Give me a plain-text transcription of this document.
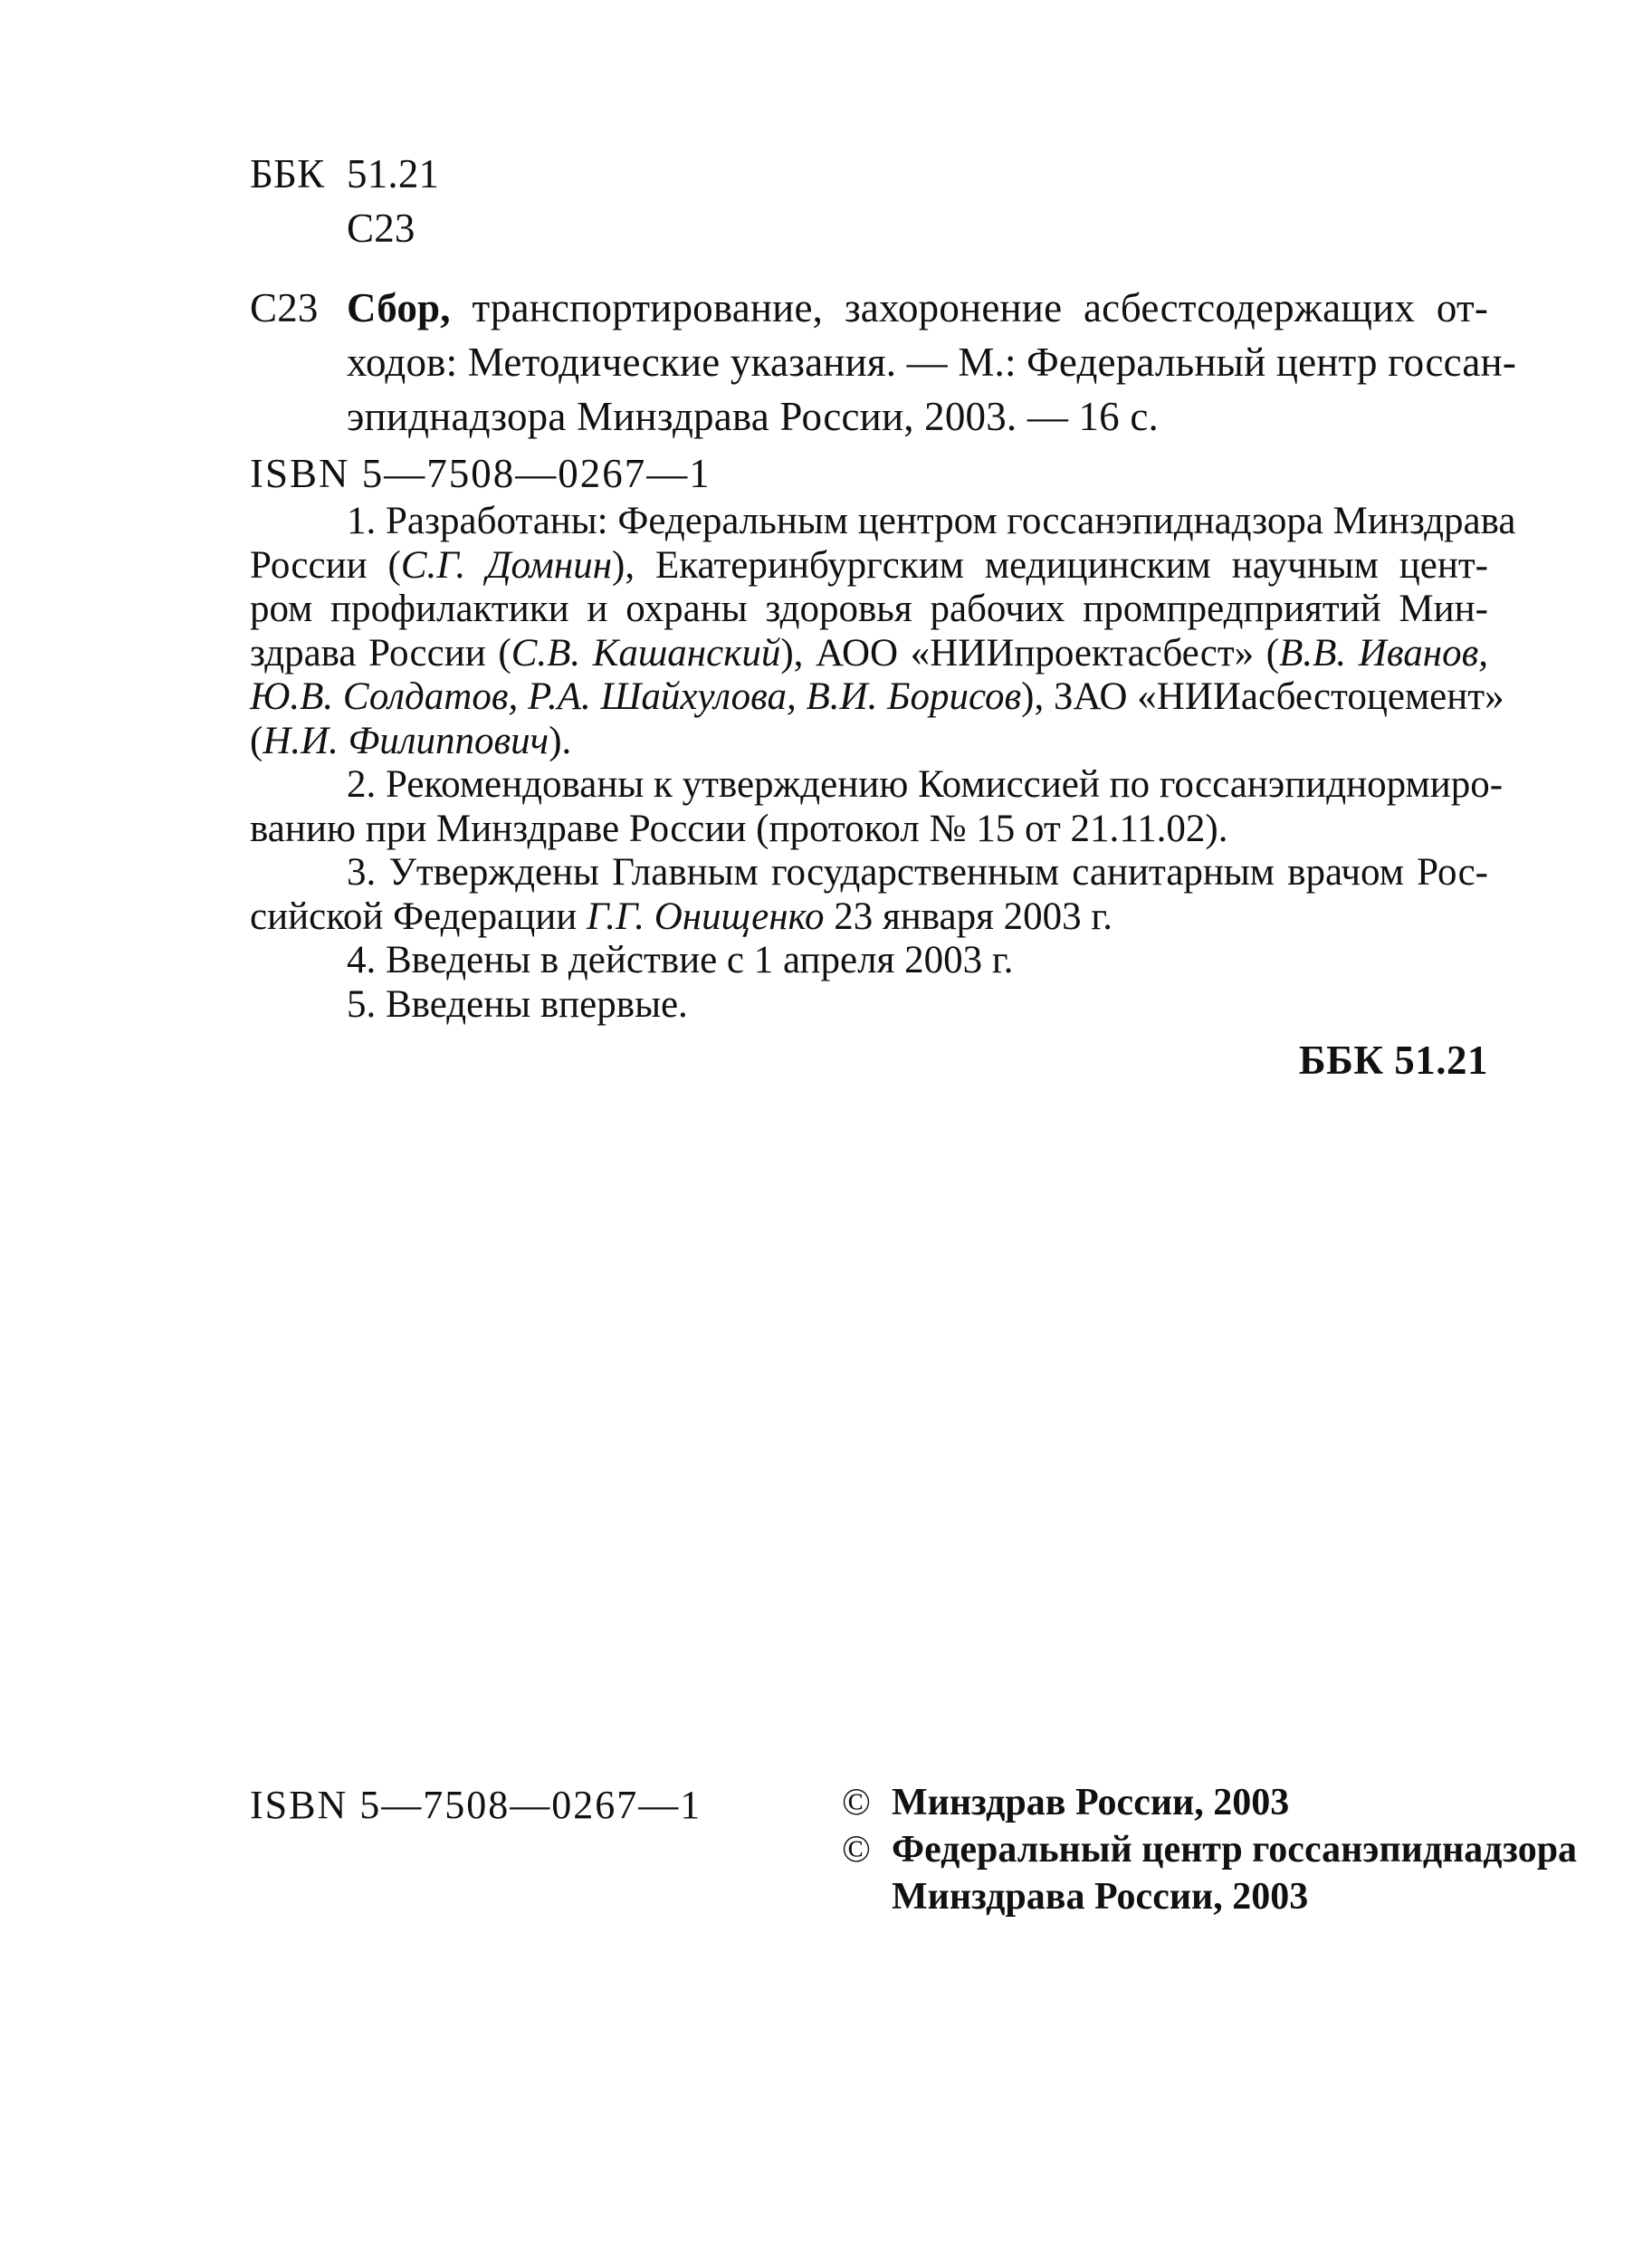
ББК 51.21
С23
С23 Сбор, транспортирование, захоронение асбестсодержащих от-
ходов: Методические указания. — М.: Федеральный центр госсан-
эпиднадзора Минздрава России, 2003. — 16 с.
ISBN 5—7508—0267—1
1. Разработаны: Федеральным центром госсанэпиднадзора Минздрава
России (С.Г. Домнин), Екатеринбургским медицинским научным цент-
ром профилактики и охраны здоровья рабочих промпредприятий Мин-
здрава России (С.В. Кашанский), АОО «НИИпроектасбест» (В.В. Иванов,
Ю.В. Солдатов, Р.А. Шайхулова, В.И. Борисов), ЗАО «НИИасбестоцемент»
(Н.И. Филиппович).
2. Рекомендованы к утверждению Комиссией по госсанэпиднормиро-
ванию при Минздраве России (протокол № 15 от 21.11.02).
3. Утверждены Главным государственным санитарным врачом Рос-
сийской Федерации Г.Г. Онищенко 23 января 2003 г.
4. Введены в действие с 1 апреля 2003 г.
5. Введены впервые.
ББК 51.21
ISBN 5—7508—0267—1	© Минздрав России, 2003
© Федеральный центр госсанэпиднадзора
Минздрава России, 2003
